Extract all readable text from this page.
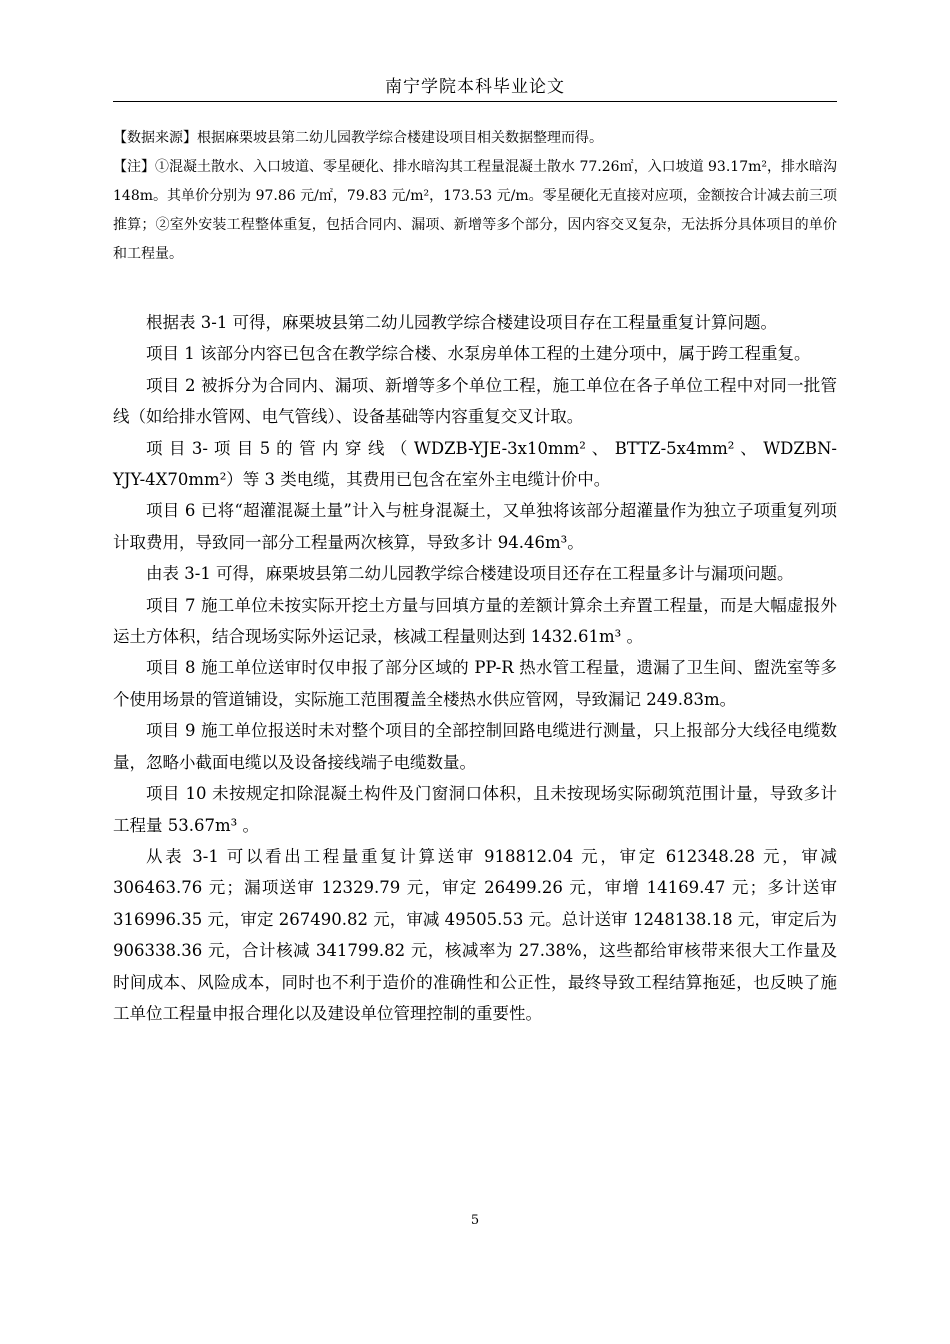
南宁学院本科毕业论文

【数据来源】根据麻栗坡县第二幼儿园教学综合楼建设项目相关数据整理而得。

【注】①混凝土散水、入口坡道、零星硬化、排水暗沟其工程量混凝土散水 77.26㎡，入口坡道 93.17m²，排水暗沟 148m。其单价分别为 97.86 元/㎡，79.83 元/m²，173.53 元/m。零星硬化无直接对应项，金额按合计减去前三项推算；②室外安装工程整体重复，包括合同内、漏项、新增等多个部分，因内容交叉复杂，无法拆分具体项目的单价和工程量。

根据表 3-1 可得，麻栗坡县第二幼儿园教学综合楼建设项目存在工程量重复计算问题。

项目 1 该部分内容已包含在教学综合楼、水泵房单体工程的土建分项中，属于跨工程重复。

项目 2 被拆分为合同内、漏项、新增等多个单位工程，施工单位在各子单位工程中对同一批管线（如给排水管网、电气管线）、设备基础等内容重复交叉计取。

项 目 3- 项 目 5 的 管 内 穿 线 （ WDZB-YJE-3x10mm² 、 BTTZ-5x4mm² 、 WDZBN-YJY-4X70mm²）等 3 类电缆，其费用已包含在室外主电缆计价中。

项目 6 已将“超灌混凝土量”计入与桩身混凝土，又单独将该部分超灌量作为独立子项重复列项计取费用，导致同一部分工程量两次核算，导致多计 94.46m³。

由表 3-1 可得，麻栗坡县第二幼儿园教学综合楼建设项目还存在工程量多计与漏项问题。

项目 7 施工单位未按实际开挖土方量与回填方量的差额计算余土弃置工程量，而是大幅虚报外运土方体积，结合现场实际外运记录，核减工程量则达到 1432.61m³ 。

项目 8 施工单位送审时仅申报了部分区域的 PP-R 热水管工程量，遗漏了卫生间、盥洗室等多个使用场景的管道铺设，实际施工范围覆盖全楼热水供应管网，导致漏记 249.83m。

项目 9 施工单位报送时未对整个项目的全部控制回路电缆进行测量，只上报部分大线径电缆数量，忽略小截面电缆以及设备接线端子电缆数量。

项目 10 未按规定扣除混凝土构件及门窗洞口体积，且未按现场实际砌筑范围计量，导致多计工程量 53.67m³ 。

从表 3-1 可以看出工程量重复计算送审 918812.04 元，审定 612348.28 元，审减 306463.76 元；漏项送审 12329.79 元，审定 26499.26 元，审增 14169.47 元；多计送审 316996.35 元，审定 267490.82 元，审减 49505.53 元。总计送审 1248138.18 元，审定后为 906338.36 元，合计核减 341799.82 元，核减率为 27.38%，这些都给审核带来很大工作量及时间成本、风险成本，同时也不利于造价的准确性和公正性，最终导致工程结算拖延，也反映了施工单位工程量申报合理化以及建设单位管理控制的重要性。

5
